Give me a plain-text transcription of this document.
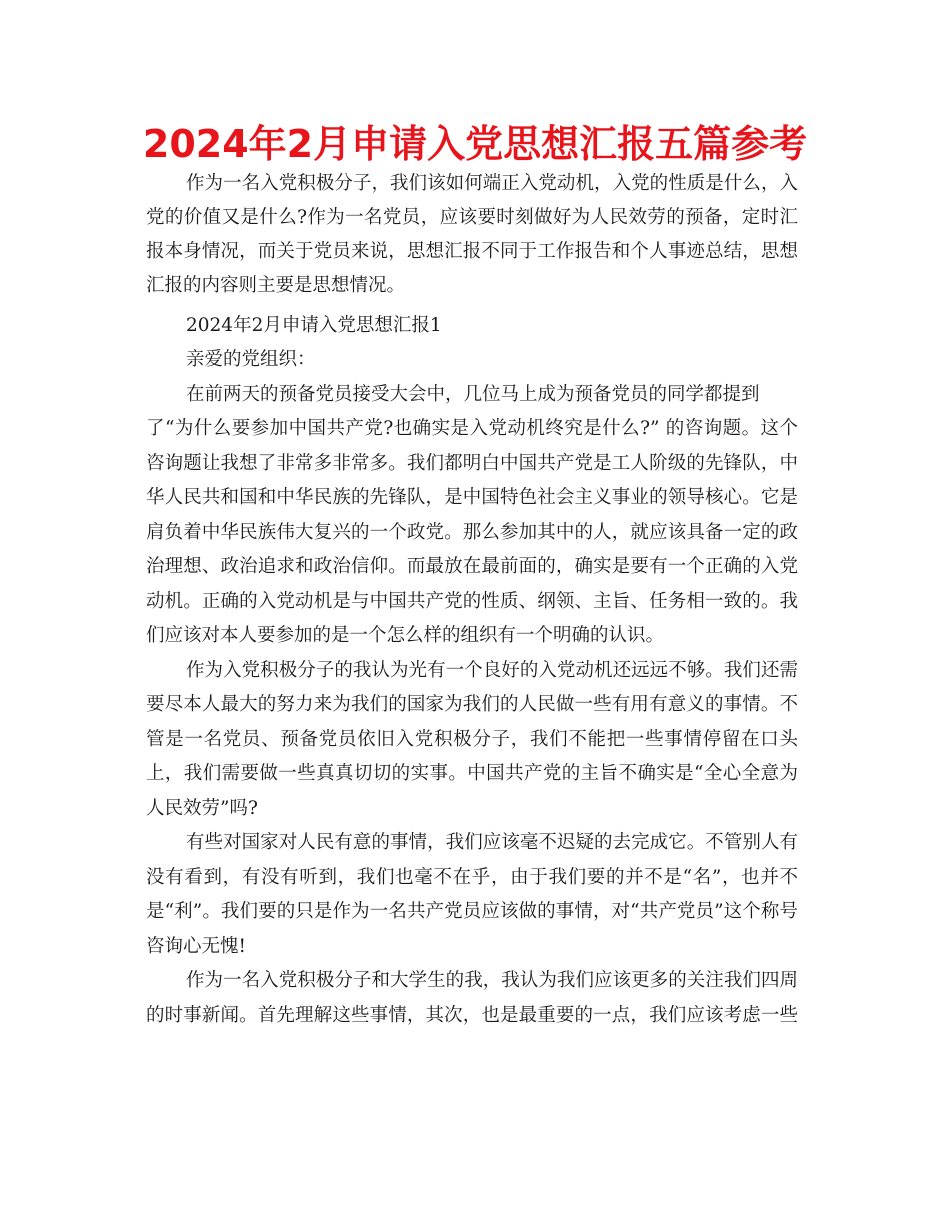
2024年2月申请入党思想汇报五篇参考
作为一名入党积极分子，我们该如何端正入党动机，入党的性质是什么，入
党的价值又是什么?作为一名党员，应该要时刻做好为人民效劳的预备，定时汇
报本身情况，而关于党员来说，思想汇报不同于工作报告和个人事迹总结，思想
汇报的内容则主要是思想情况。
2024年2月申请入党思想汇报1
亲爱的党组织：
在前两天的预备党员接受大会中，几位马上成为预备党员的同学都提到
了“为什么要参加中国共产党?也确实是入党动机终究是什么?” 的咨询题。这个
咨询题让我想了非常多非常多。我们都明白中国共产党是工人阶级的先锋队，中
华人民共和国和中华民族的先锋队，是中国特色社会主义事业的领导核心。它是
肩负着中华民族伟大复兴的一个政党。那么参加其中的人，就应该具备一定的政
治理想、政治追求和政治信仰。而最放在最前面的，确实是要有一个正确的入党
动机。正确的入党动机是与中国共产党的性质、纲领、主旨、任务相一致的。我
们应该对本人要参加的是一个怎么样的组织有一个明确的认识。
作为入党积极分子的我认为光有一个良好的入党动机还远远不够。我们还需
要尽本人最大的努力来为我们的国家为我们的人民做一些有用有意义的事情。不
管是一名党员、预备党员依旧入党积极分子，我们不能把一些事情停留在口头
上，我们需要做一些真真切切的实事。中国共产党的主旨不确实是“全心全意为
人民效劳”吗?
有些对国家对人民有意的事情，我们应该毫不迟疑的去完成它。不管别人有
没有看到，有没有听到，我们也毫不在乎，由于我们要的并不是“名”，也并不
是“利”。我们要的只是作为一名共产党员应该做的事情，对“共产党员”这个称号
咨询心无愧!
作为一名入党积极分子和大学生的我，我认为我们应该更多的关注我们四周
的时事新闻。首先理解这些事情，其次，也是最重要的一点，我们应该考虑一些
